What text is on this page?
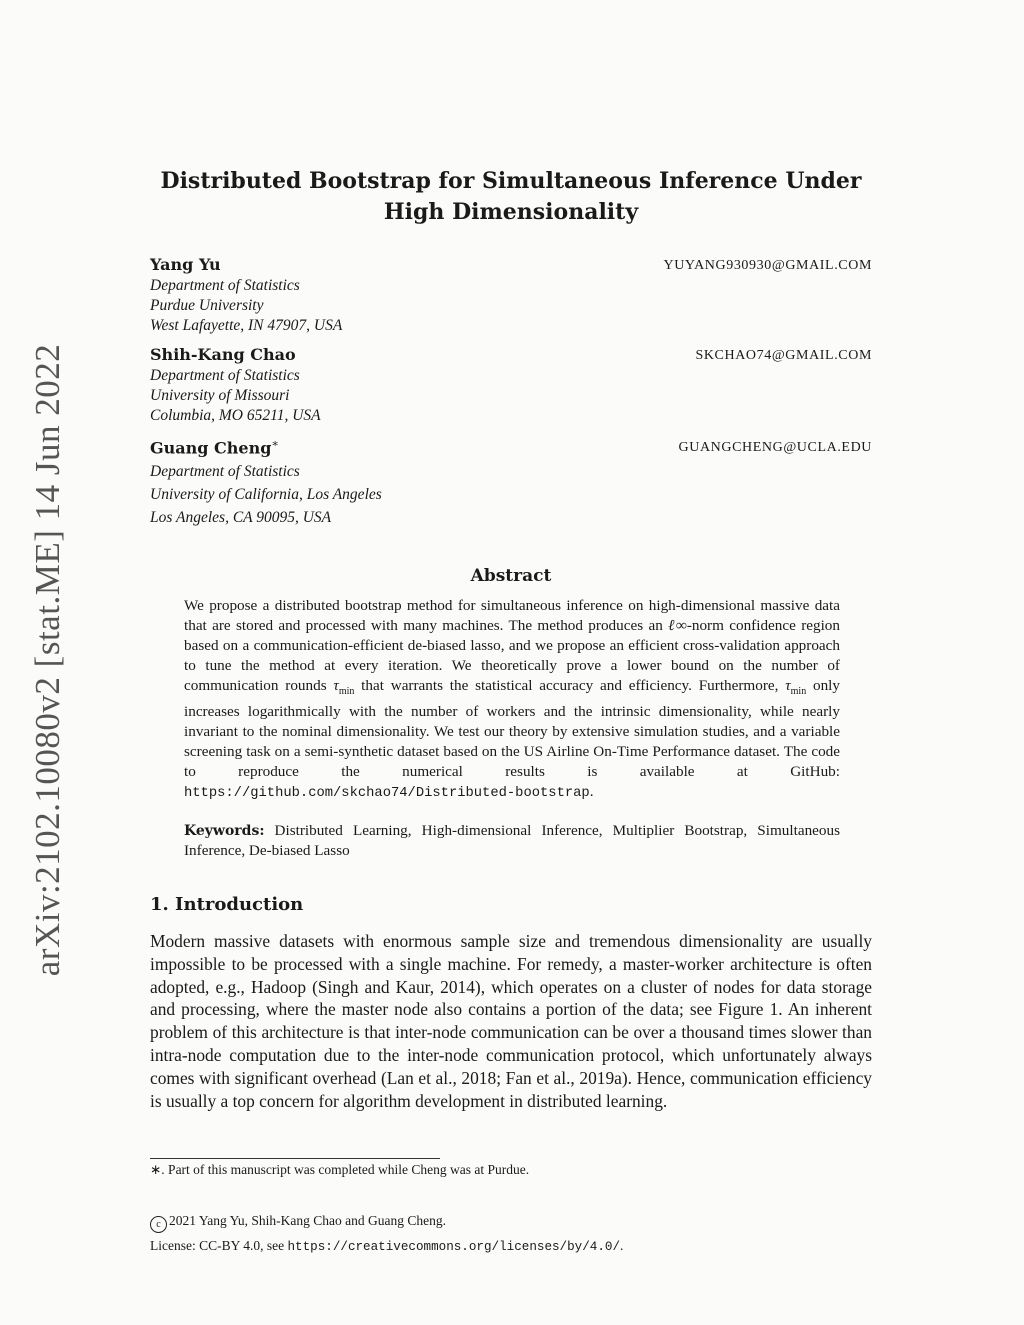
arXiv:2102.10080v2 [stat.ME] 14 Jun 2022
Distributed Bootstrap for Simultaneous Inference Under
High Dimensionality
Yang Yu	YUYANG930930@GMAIL.COM
Department of Statistics
Purdue University
West Lafayette, IN 47907, USA
Shih-Kang Chao	SKCHAO74@GMAIL.COM
Department of Statistics
University of Missouri
Columbia, MO 65211, USA
Guang Cheng∗	GUANGCHENG@UCLA.EDU
Department of Statistics
University of California, Los Angeles
Los Angeles, CA 90095, USA
Abstract
We propose a distributed bootstrap method for simultaneous inference on high-dimensional massive data that are stored and processed with many machines. The method produces an ℓ∞-norm confidence region based on a communication-efficient de-biased lasso, and we propose an efficient cross-validation approach to tune the method at every iteration. We theoretically prove a lower bound on the number of communication rounds $\tau_{min}$ that warrants the statistical accuracy and efficiency. Furthermore, $\tau_{min}$ only increases logarithmically with the number of workers and the intrinsic dimensionality, while nearly invariant to the nominal dimensionality. We test our theory by extensive simulation studies, and a variable screening task on a semi-synthetic dataset based on the US Airline On-Time Performance dataset. The code to reproduce the numerical results is available at GitHub: https://github.com/skchao74/Distributed-bootstrap.
Keywords: Distributed Learning, High-dimensional Inference, Multiplier Bootstrap, Simultaneous Inference, De-biased Lasso
1. Introduction
Modern massive datasets with enormous sample size and tremendous dimensionality are usually impossible to be processed with a single machine. For remedy, a master-worker architecture is often adopted, e.g., Hadoop (Singh and Kaur, 2014), which operates on a cluster of nodes for data storage and processing, where the master node also contains a portion of the data; see Figure 1. An inherent problem of this architecture is that inter-node communication can be over a thousand times slower than intra-node computation due to the inter-node communication protocol, which unfortunately always comes with significant overhead (Lan et al., 2018; Fan et al., 2019a). Hence, communication efficiency is usually a top concern for algorithm development in distributed learning.
∗. Part of this manuscript was completed while Cheng was at Purdue.
c 2021 Yang Yu, Shih-Kang Chao and Guang Cheng.
License: CC-BY 4.0, see https://creativecommons.org/licenses/by/4.0/.
